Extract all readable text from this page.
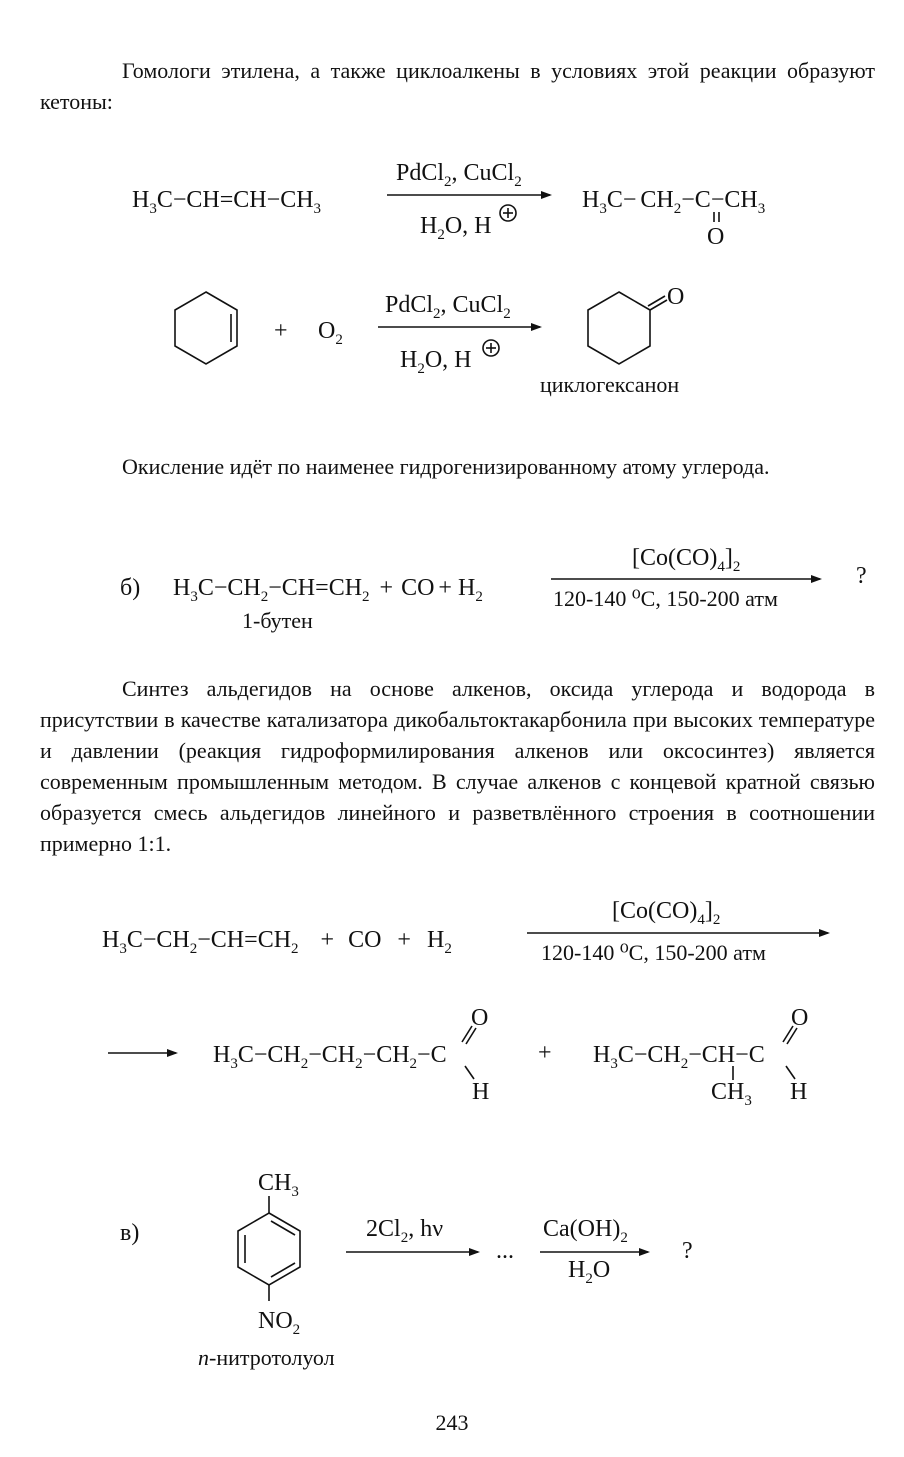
Гомологи этилена, а также циклоалкены в условиях этой реакции образуют кетоны:

$H_3C-CH=CH-CH_3$
PdCl$_2$, CuCl$_2$
$H_2O$, H
$H_3C- CH_2-C-CH_3$
O
+ $O_2$
PdCl$_2$, CuCl$_2$
$H_2O$, H
O
циклогексанон

Окисление идёт по наименее гидрогенизированному атому углерода.

б) $H_3C-CH_2-CH=CH_2$ + CO + $H_2$
$[Co(CO)_4]_2$
120-140 ⁰С, 150-200 атм
?
1-бутен

Синтез альдегидов на основе алкенов, оксида углерода и водорода в присутствии в качестве катализатора дикобальтоктакарбонила при высоких температуре и давлении (реакция гидроформилирования алкенов или оксосинтез) является современным промышленным методом. В случае алкенов с концевой кратной связью образуется смесь альдегидов линейного и разветвлённого строения в соотношении примерно 1:1.

$H_3C-CH_2-CH=CH_2$ + CO + $H_2$
$[Co(CO)_4]_2$
120-140 ⁰С, 150-200 атм
$H_3C-CH_2-CH_2-CH_2-C$
O
H
+ $H_3C-CH_2-CH-C$
$CH_3$
O
H
$CH_3$
$NO_2$
в)	$2Cl_2$, hν
...
$Ca(OH)_2$
$H_2O$
?
n-нитротолуол
243
